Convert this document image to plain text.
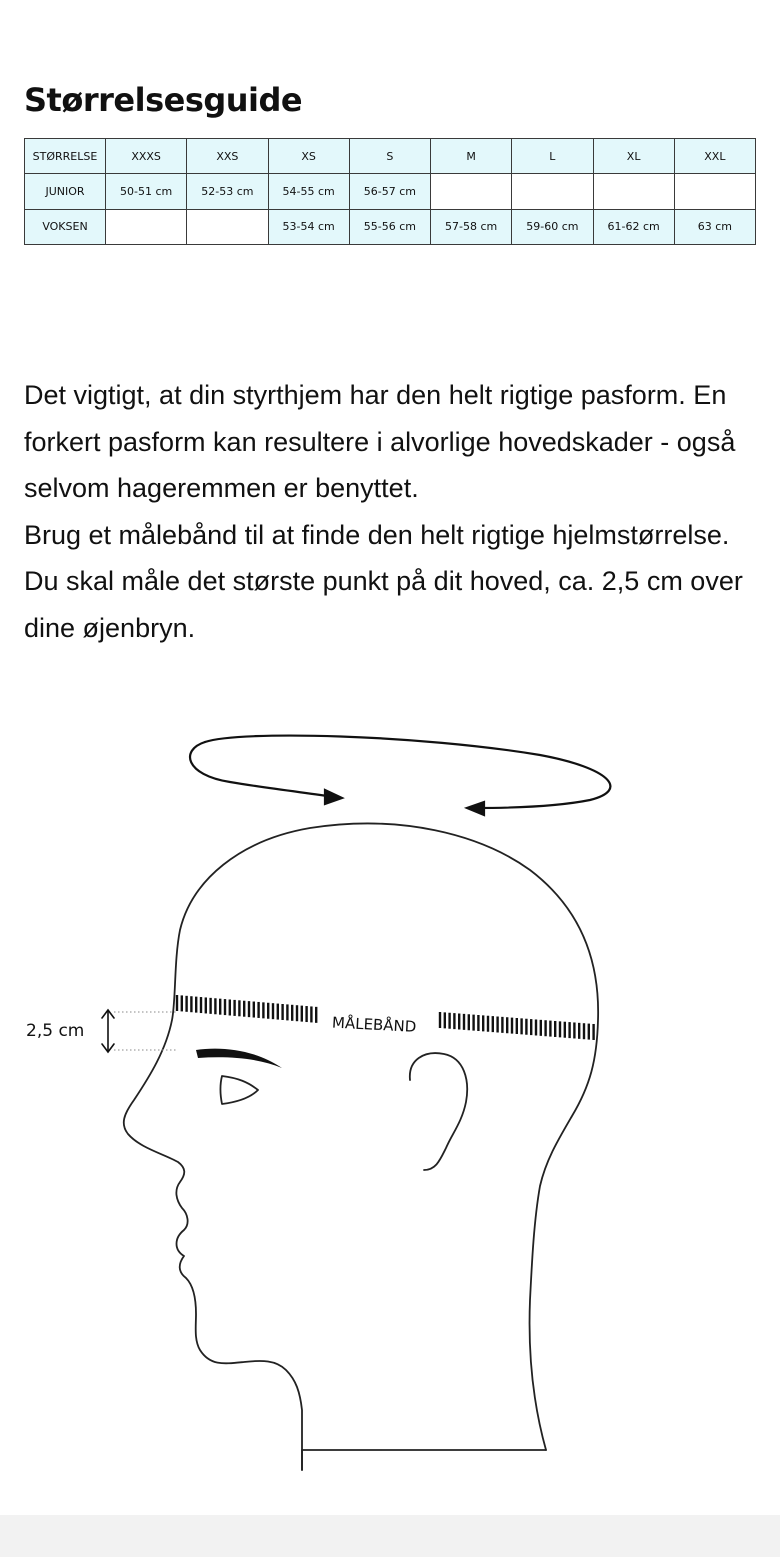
Størrelsesguide
STØRRELSE	XXXS	XXS	XS	S	M	L	XL	XXL
JUNIOR	50-51 cm	52-53 cm	54-55 cm	56-57 cm				
VOKSEN			53-54 cm	55-56 cm	57-58 cm	59-60 cm	61-62 cm	63 cm

Det vigtigt, at din styrthjem har den helt rigtige pasform. En forkert pasform kan resultere i alvorlige hovedskader - også selvom hageremmen er benyttet.

Brug et målebånd til at finde den helt rigtige hjelmstørrelse. Du skal måle det største punkt på dit hoved, ca. 2,5 cm over dine øjenbryn.

MÅLEBÅND
2,5 cm
